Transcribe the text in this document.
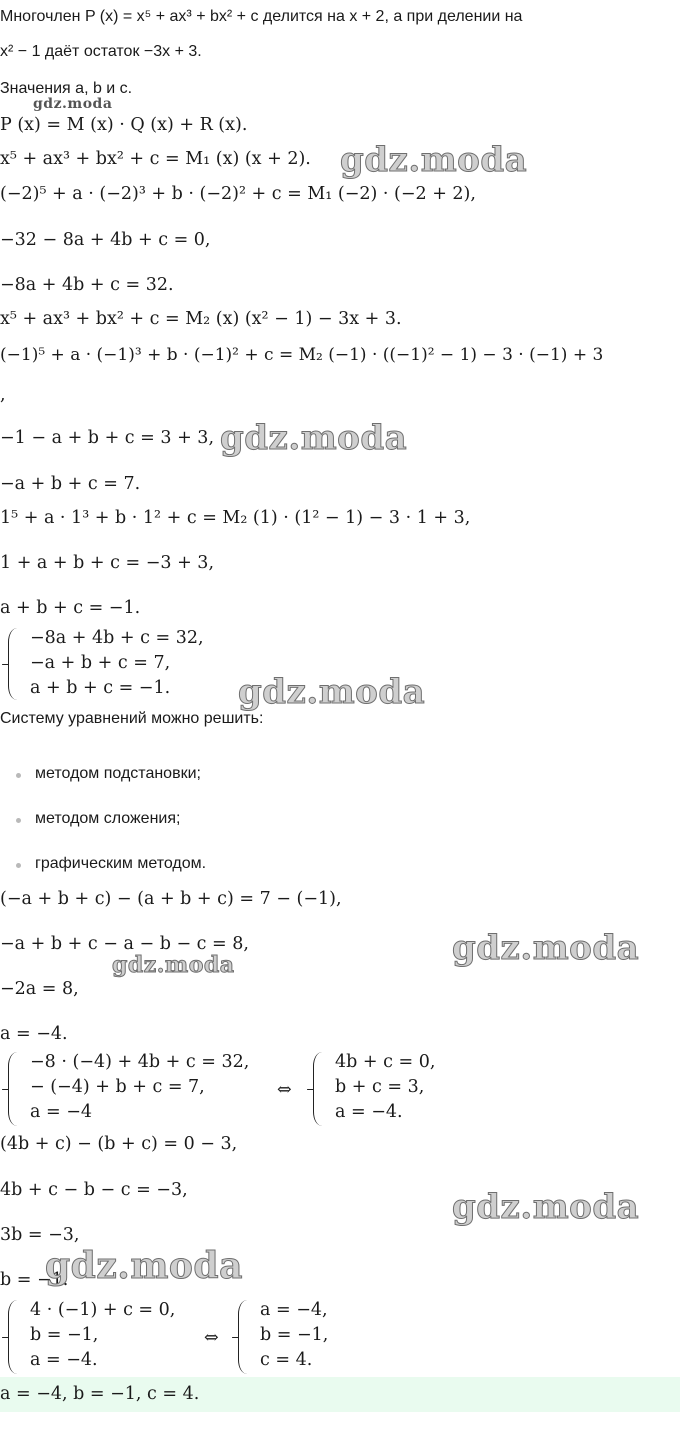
Многочлен P (x) = x⁵ + ax³ + bx² + c делится на x + 2, а при делении на
x² − 1 даёт остаток −3x + 3.
Значения a, b и c.
gdz.moda
P (x) = M (x) · Q (x) + R (x).
x⁵ + ax³ + bx² + c = M₁ (x) (x + 2). gdz.moda
(−2)⁵ + a · (−2)³ + b · (−2)² + c = M₁ (−2) · (−2 + 2),
−32 − 8a + 4b + c = 0,
−8a + 4b + c = 32.
x⁵ + ax³ + bx² + c = M₂ (x) (x² − 1) − 3x + 3.
(−1)⁵ + a · (−1)³ + b · (−1)² + c = M₂ (−1) · ((−1)² − 1) − 3 · (−1) + 3
,
−1 − a + b + c = 3 + 3, gdz.moda
−a + b + c = 7.
1⁵ + a · 1³ + b · 1² + c = M₂ (1) · (1² − 1) − 3 · 1 + 3,
1 + a + b + c = −3 + 3,
a + b + c = −1.
−8a + 4b + c = 32,
−a + b + c = 7,
a + b + c = −1. gdz.moda
Систему уравнений можно решить:
методом подстановки;
методом сложения;
графическим методом.
(−a + b + c) − (a + b + c) = 7 − (−1),
−a + b + c − a − b − c = 8,	gdz.moda
gdz.moda
−2a = 8,
a = −4.
−8 · (−4) + 4b + c = 32,
− (−4) + b + c = 7,
a = −4
⇔
4b + c = 0,
b + c = 3,
a = −4.
(4b + c) − (b + c) = 0 − 3,
4b + c − b − c = −3,	gdz.moda
3b = −3,
b = −1.
gdz.moda
4 · (−1) + c = 0,
b = −1,
a = −4.
⇔
a = −4,
b = −1,
c = 4.
a = −4, b = −1, c = 4.
